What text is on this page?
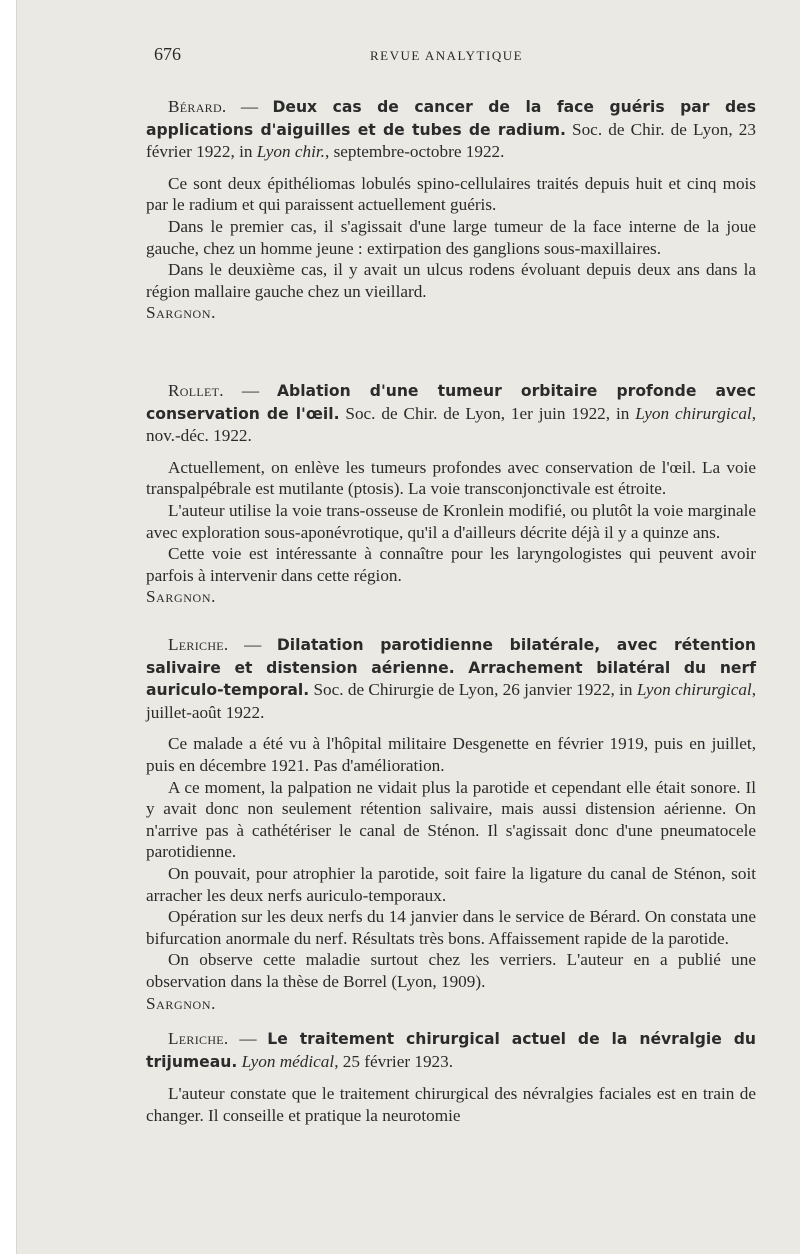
676	REVUE ANALYTIQUE

Bérard. — Deux cas de cancer de la face guéris par des applications d'aiguilles et de tubes de radium. Soc. de Chir. de Lyon, 23 février 1922, in Lyon chir., septembre-octobre 1922.

Ce sont deux épithéliomas lobulés spino-cellulaires traités depuis huit et cinq mois par le radium et qui paraissent actuellement guéris.

Dans le premier cas, il s'agissait d'une large tumeur de la face interne de la joue gauche, chez un homme jeune : extirpation des ganglions sous-maxillaires.

Dans le deuxième cas, il y avait un ulcus rodens évoluant depuis deux ans dans la région mallaire gauche chez un vieillard.

Sargnon.

Rollet. — Ablation d'une tumeur orbitaire profonde avec conservation de l'œil. Soc. de Chir. de Lyon, 1er juin 1922, in Lyon chirurgical, nov.-déc. 1922.

Actuellement, on enlève les tumeurs profondes avec conservation de l'œil. La voie transpalpébrale est mutilante (ptosis). La voie transconjonctivale est étroite.

L'auteur utilise la voie trans-osseuse de Kronlein modifié, ou plutôt la voie marginale avec exploration sous-aponévrotique, qu'il a d'ailleurs décrite déjà il y a quinze ans.

Cette voie est intéressante à connaître pour les laryngologistes qui peuvent avoir parfois à intervenir dans cette région.

Sargnon.

Leriche. — Dilatation parotidienne bilatérale, avec rétention salivaire et distension aérienne. Arrachement bilatéral du nerf auriculo-temporal. Soc. de Chirurgie de Lyon, 26 janvier 1922, in Lyon chirurgical, juillet-août 1922.

Ce malade a été vu à l'hôpital militaire Desgenette en février 1919, puis en juillet, puis en décembre 1921. Pas d'amélioration.

A ce moment, la palpation ne vidait plus la parotide et cependant elle était sonore. Il y avait donc non seulement rétention salivaire, mais aussi distension aérienne. On n'arrive pas à cathétériser le canal de Sténon. Il s'agissait donc d'une pneumatocele parotidienne.

On pouvait, pour atrophier la parotide, soit faire la ligature du canal de Sténon, soit arracher les deux nerfs auriculo-temporaux.

Opération sur les deux nerfs du 14 janvier dans le service de Bérard. On constata une bifurcation anormale du nerf. Résultats très bons. Affaissement rapide de la parotide.

On observe cette maladie surtout chez les verriers. L'auteur en a publié une observation dans la thèse de Borrel (Lyon, 1909).

Sargnon.

Leriche. — Le traitement chirurgical actuel de la névralgie du trijumeau. Lyon médical, 25 février 1923.

L'auteur constate que le traitement chirurgical des névralgies faciales est en train de changer. Il conseille et pratique la neurotomie
